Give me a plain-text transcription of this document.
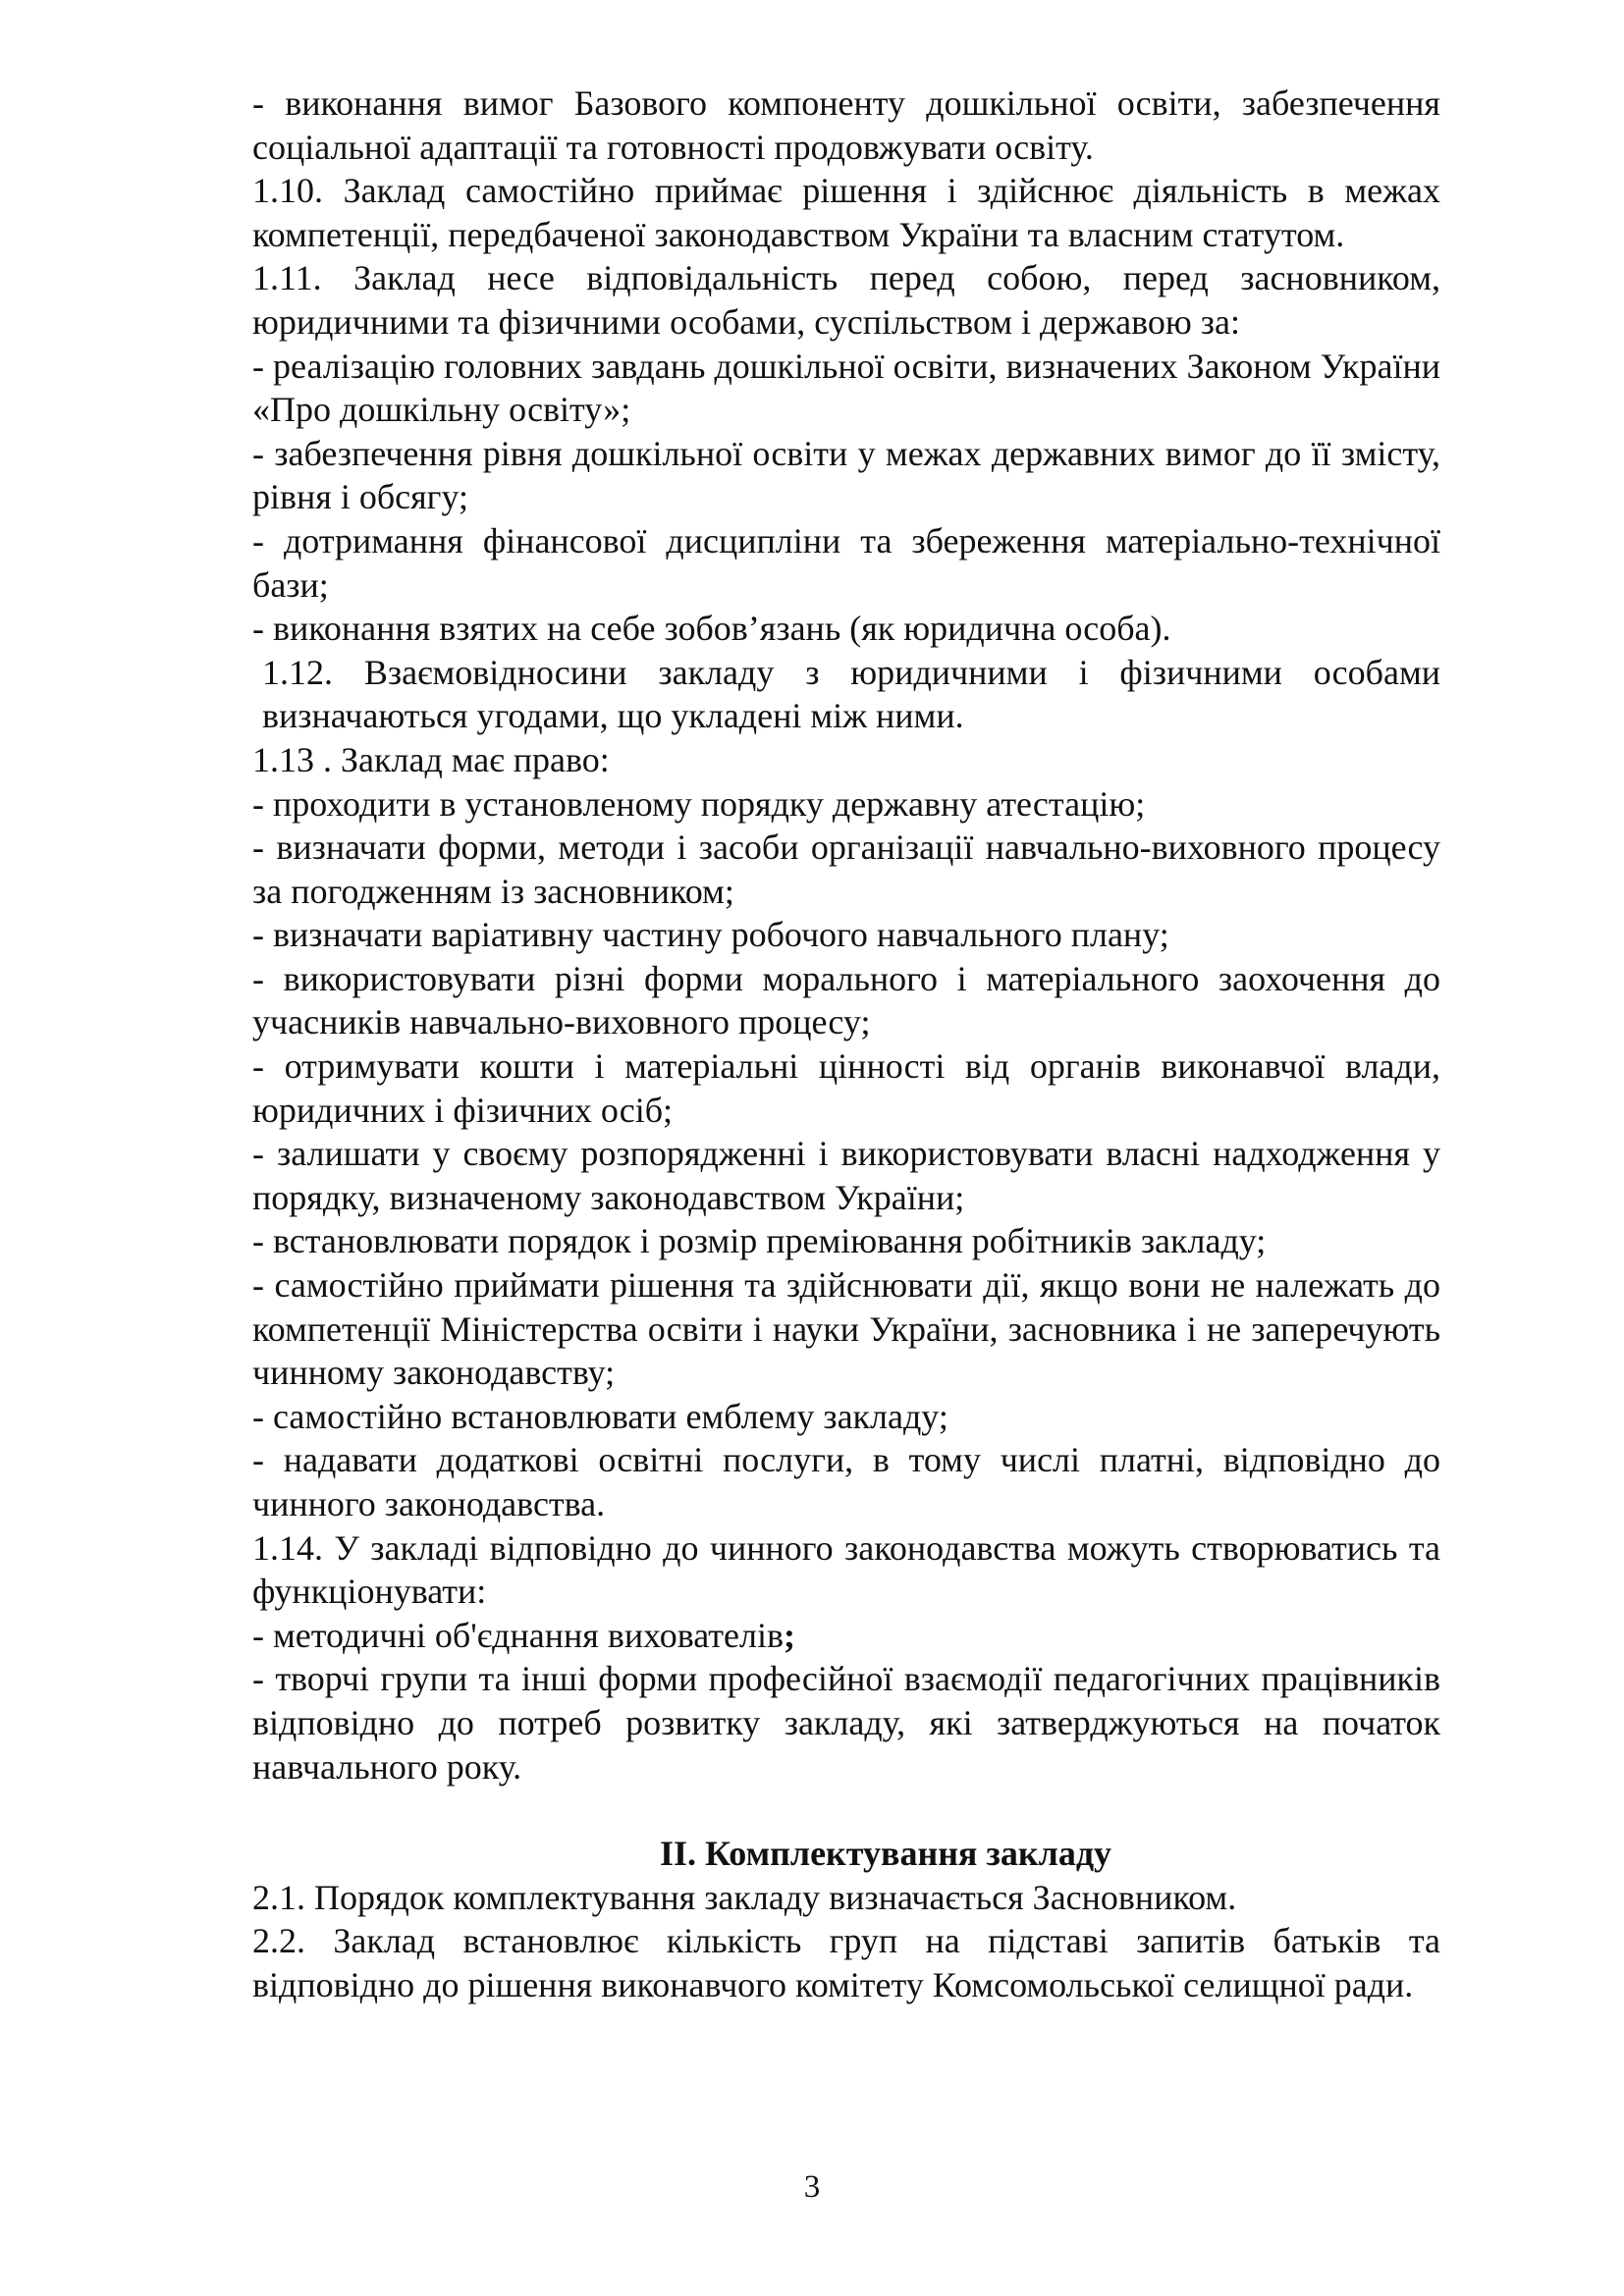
- виконання вимог Базового компоненту дошкільної освіти, забезпечення соціальної адаптації та готовності продовжувати освіту.

1.10. Заклад самостійно приймає рішення і здійснює діяльність в межах компетенції, передбаченої законодавством України та власним статутом.

1.11. Заклад несе відповідальність перед собою, перед засновником, юридичними та фізичними особами, суспільством і державою за:

- реалізацію головних завдань дошкільної освіти, визначених Законом України «Про дошкільну освіту»;

- забезпечення рівня дошкільної освіти у межах державних вимог до її змісту, рівня і обсягу;

- дотримання фінансової дисципліни та збереження матеріально-технічної бази;

- виконання взятих на себе зобов’язань (як юридична особа).

1.12. Взаємовідносини закладу з юридичними і фізичними особами визначаються угодами, що укладені між ними.

1.13 . Заклад має право:

- проходити в установленому порядку державну атестацію;

- визначати форми, методи і засоби організації навчально-виховного процесу за погодженням із засновником;

- визначати варіативну частину робочого навчального плану;

- використовувати різні форми морального і матеріального заохочення до учасників навчально-виховного процесу;

- отримувати кошти і матеріальні цінності від органів виконавчої влади, юридичних і фізичних осіб;

- залишати у своєму розпорядженні і використовувати власні надходження у порядку, визначеному законодавством України;

- встановлювати порядок і розмір преміювання робітників закладу;

- самостійно приймати рішення та здійснювати дії, якщо вони не належать до компетенції Міністерства освіти і науки України, засновника і не заперечують чинному законодавству;

- самостійно встановлювати емблему закладу;

- надавати додаткові освітні послуги, в тому числі платні, відповідно до чинного законодавства.

1.14. У закладі відповідно до чинного законодавства можуть створюватись та функціонувати:

- методичні об'єднання вихователів;

- творчі групи та інші форми професійної взаємодії педагогічних працівників відповідно до потреб розвитку закладу, які затверджуються на початок навчального року.

ІІ. Комплектування закладу

2.1. Порядок комплектування закладу визначається Засновником.

2.2. Заклад встановлює кількість груп на підставі запитів батьків та відповідно до рішення виконавчого комітету Комсомольської селищної ради.

3
